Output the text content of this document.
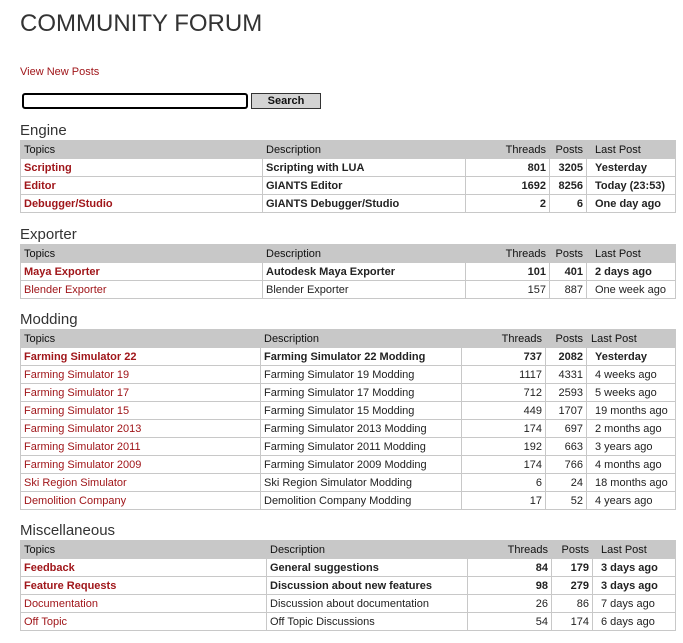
COMMUNITY FORUM
View New Posts
Search
Engine
Topics	Description	Threads	Posts	Last Post
Scripting	Scripting with LUA	801	3205	Yesterday
Editor	GIANTS Editor	1692	8256	Today (23:53)
Debugger/Studio	GIANTS Debugger/Studio	2	6	One day ago
Exporter
Topics	Description	Threads	Posts	Last Post
Maya Exporter	Autodesk Maya Exporter	101	401	2 days ago
Blender Exporter	Blender Exporter	157	887	One week ago
Modding
Topics	Description	Threads	Posts	Last Post
Farming Simulator 22	Farming Simulator 22 Modding	737	2082	Yesterday
Farming Simulator 19	Farming Simulator 19 Modding	1117	4331	4 weeks ago
Farming Simulator 17	Farming Simulator 17 Modding	712	2593	5 weeks ago
Farming Simulator 15	Farming Simulator 15 Modding	449	1707	19 months ago
Farming Simulator 2013	Farming Simulator 2013 Modding	174	697	2 months ago
Farming Simulator 2011	Farming Simulator 2011 Modding	192	663	3 years ago
Farming Simulator 2009	Farming Simulator 2009 Modding	174	766	4 months ago
Ski Region Simulator	Ski Region Simulator Modding	6	24	18 months ago
Demolition Company	Demolition Company Modding	17	52	4 years ago
Miscellaneous
Topics	Description	Threads	Posts	Last Post
Feedback	General suggestions	84	179	3 days ago
Feature Requests	Discussion about new features	98	279	3 days ago
Documentation	Discussion about documentation	26	86	7 days ago
Off Topic	Off Topic Discussions	54	174	6 days ago
